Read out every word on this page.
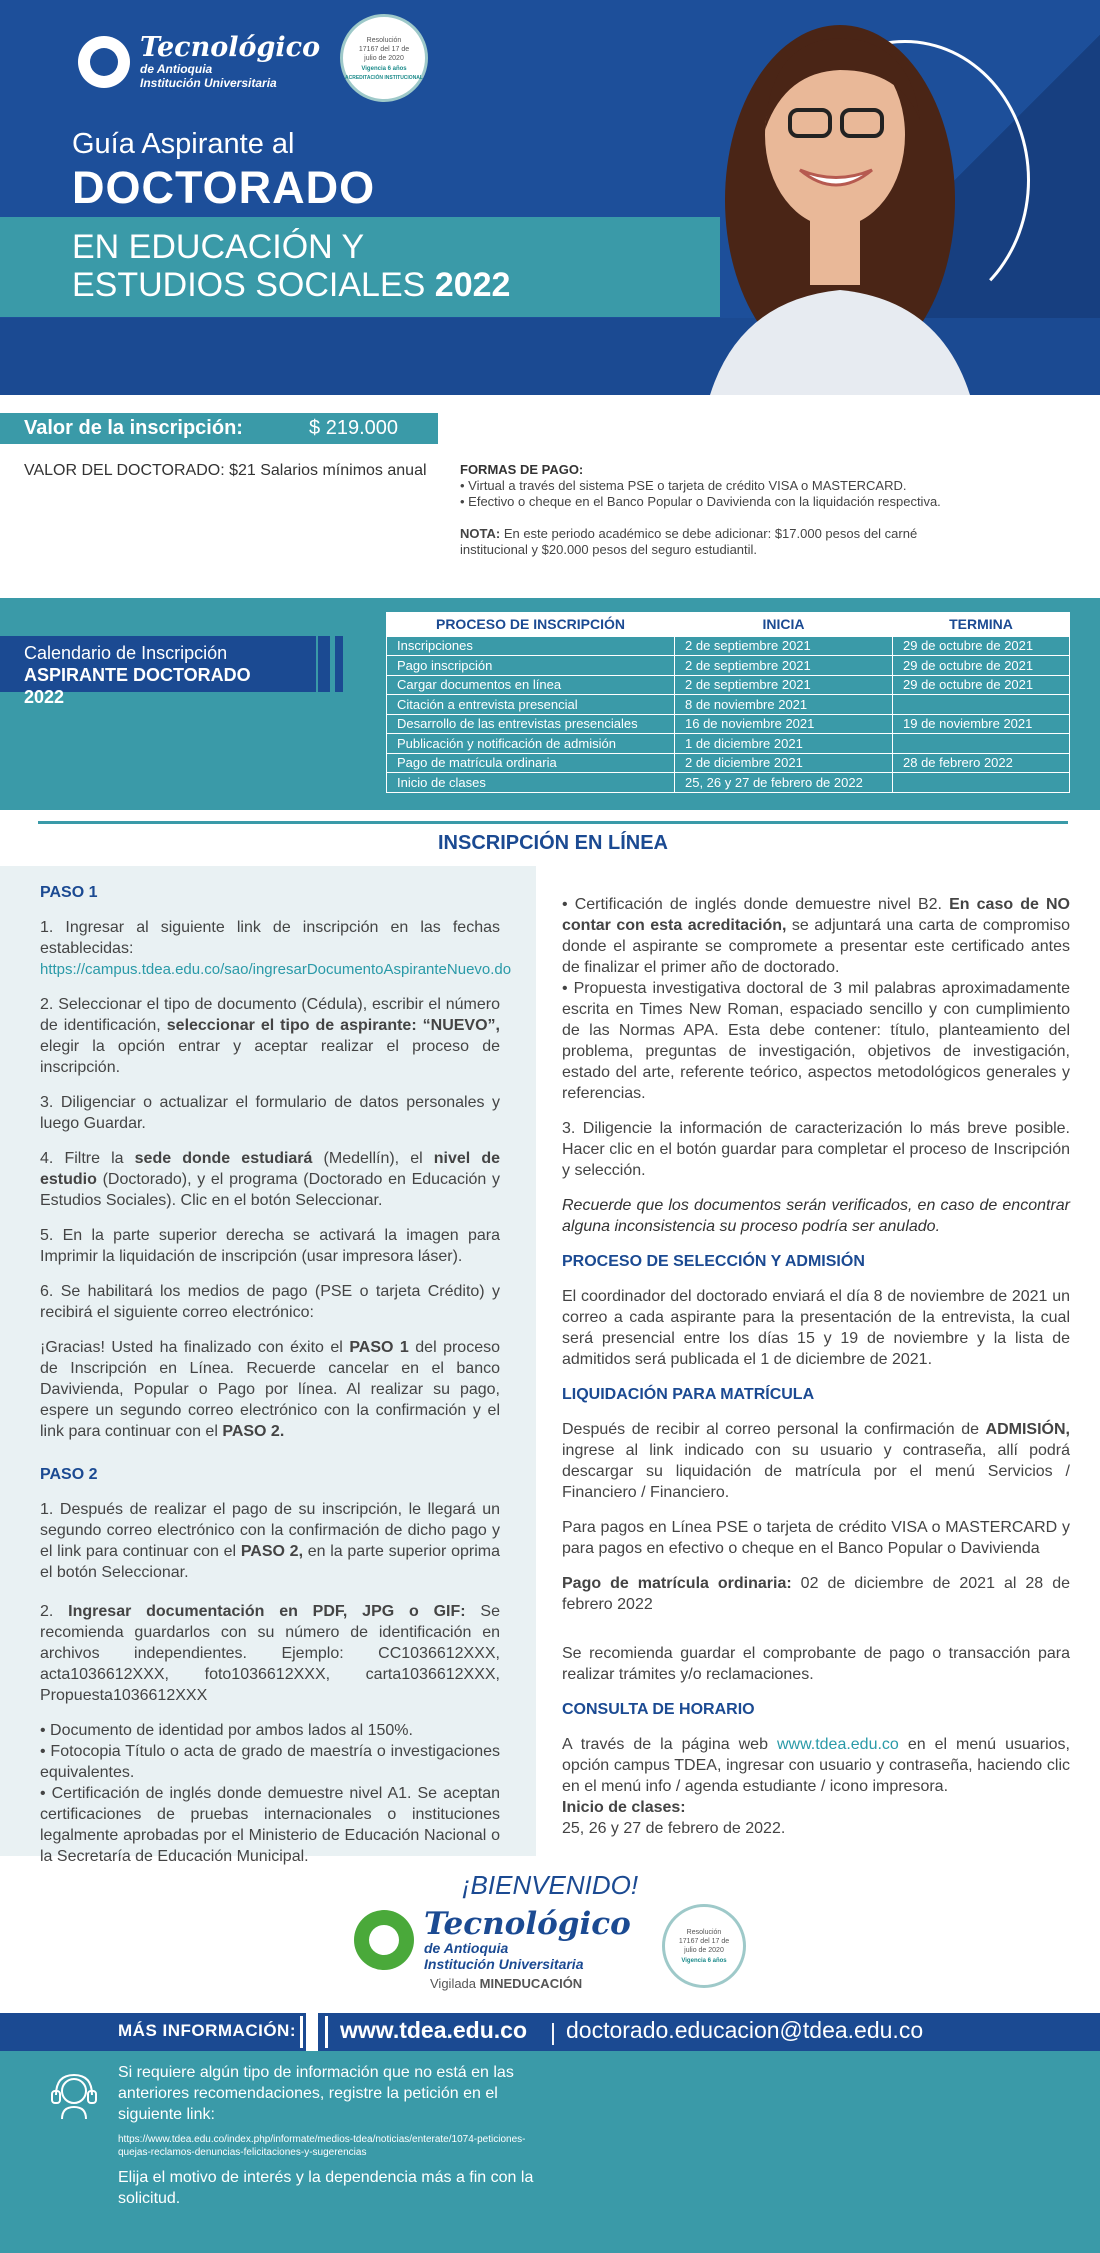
Tecnológico
de Antioquia
Institución Universitaria
Resolución 17167 del 17 de julio de 2020
Vigencia 6 años
ACREDITACIÓN INSTITUCIONAL
Guía Aspirante al
DOCTORADO
EN EDUCACIÓN Y
ESTUDIOS SOCIALES 2022
Valor de la inscripción:	$ 219.000
VALOR DEL DOCTORADO: $21 Salarios mínimos anual	FORMAS DE PAGO:
• Virtual a través del sistema PSE o tarjeta de crédito VISA o MASTERCARD.
• Efectivo o cheque en el Banco Popular o Davivienda con la liquidación respectiva.
NOTA: En este periodo académico se debe adicionar: $17.000 pesos del carné institucional y $20.000 pesos del seguro estudiantil.
Calendario de Inscripción
ASPIRANTE DOCTORADO 2022
PROCESO DE INSCRIPCIÓN	INICIA	TERMINA
Inscripciones	2 de septiembre 2021	29 de octubre de 2021
Pago inscripción	2 de septiembre 2021	29 de octubre de 2021
Cargar documentos en línea	2 de septiembre 2021	29 de octubre de 2021
Citación a entrevista presencial	8 de noviembre 2021	
Desarrollo de las entrevistas presenciales	16 de noviembre 2021	19 de noviembre 2021
Publicación y notificación de admisión	1 de diciembre 2021	
Pago de matrícula ordinaria	2 de diciembre 2021	28 de febrero 2022
Inicio de clases	25, 26 y 27 de febrero de 2022	
INSCRIPCIÓN EN LÍNEA
PASO 1

1. Ingresar al siguiente link de inscripción en las fechas establecidas:
https://campus.tdea.edu.co/sao/ingresarDocumentoAspiranteNuevo.do

2. Seleccionar el tipo de documento (Cédula), escribir el número de identificación, seleccionar el tipo de aspirante: “NUEVO”, elegir la opción entrar y aceptar realizar el proceso de inscripción.

3. Diligenciar o actualizar el formulario de datos personales y luego Guardar.

4. Filtre la sede donde estudiará (Medellín), el nivel de estudio (Doctorado), y el programa (Doctorado en Educación y Estudios Sociales). Clic en el botón Seleccionar.

5. En la parte superior derecha se activará la imagen para Imprimir la liquidación de inscripción (usar impresora láser).

6. Se habilitará los medios de pago (PSE o tarjeta Crédito) y recibirá el siguiente correo electrónico:

¡Gracias! Usted ha finalizado con éxito el PASO 1 del proceso de Inscripción en Línea. Recuerde cancelar en el banco Davivienda, Popular o Pago por línea. Al realizar su pago, espere un segundo correo electrónico con la confirmación y el link para continuar con el PASO 2.

PASO 2

1. Después de realizar el pago de su inscripción, le llegará un segundo correo electrónico con la confirmación de dicho pago y el link para continuar con el PASO 2, en la parte superior oprima el botón Seleccionar.

2. Ingresar documentación en PDF, JPG o GIF: Se recomienda guardarlos con su número de identificación en archivos independientes. Ejemplo: CC1036612XXX, acta1036612XXX, foto1036612XXX, carta1036612XXX, Propuesta1036612XXX

• Documento de identidad por ambos lados al 150%.
• Fotocopia Título o acta de grado de maestría o investigaciones equivalentes.
• Certificación de inglés donde demuestre nivel A1. Se aceptan certificaciones de pruebas internacionales o instituciones legalmente aprobadas por el Ministerio de Educación Nacional o la Secretaría de Educación Municipal.
• Certificación de inglés donde demuestre nivel B2. En caso de NO contar con esta acreditación, se adjuntará una carta de compromiso donde el aspirante se compromete a presentar este certificado antes de finalizar el primer año de doctorado.
• Propuesta investigativa doctoral de 3 mil palabras aproximadamente escrita en Times New Roman, espaciado sencillo y con cumplimiento de las Normas APA. Esta debe contener: título, planteamiento del problema, preguntas de investigación, objetivos de investigación, estado del arte, referente teórico, aspectos metodológicos generales y referencias.

3. Diligencie la información de caracterización lo más breve posible. Hacer clic en el botón guardar para completar el proceso de Inscripción y selección.

Recuerde que los documentos serán verificados, en caso de encontrar alguna inconsistencia su proceso podría ser anulado.

PROCESO DE SELECCIÓN Y ADMISIÓN

El coordinador del doctorado enviará el día 8 de noviembre de 2021 un correo a cada aspirante para la presentación de la entrevista, la cual será presencial entre los días 15 y 19 de noviembre y la lista de admitidos será publicada el 1 de diciembre de 2021.

LIQUIDACIÓN PARA MATRÍCULA

Después de recibir al correo personal la confirmación de ADMISIÓN, ingrese al link indicado con su usuario y contraseña, allí podrá descargar su liquidación de matrícula por el menú Servicios / Financiero / Financiero.

Para pagos en Línea PSE o tarjeta de crédito VISA o MASTERCARD y para pagos en efectivo o cheque en el Banco Popular o Davivienda

Pago de matrícula ordinaria: 02 de diciembre de 2021 al 28 de febrero 2022

Se recomienda guardar el comprobante de pago o transacción para realizar trámites y/o reclamaciones.

CONSULTA DE HORARIO

A través de la página web www.tdea.edu.co en el menú usuarios, opción campus TDEA, ingresar con usuario y contraseña, haciendo clic en el menú info / agenda estudiante / icono impresora.

Inicio de clases:
25, 26 y 27 de febrero de 2022.
¡BIENVENIDO!
Tecnológico
de Antioquia
Institución Universitaria
Vigilada MINEDUCACIÓN
Resolución 17167 del 17 de julio de 2020
Vigencia 6 años
MÁS INFORMACIÓN: www.tdea.edu.co | doctorado.educacion@tdea.edu.co
Si requiere algún tipo de información que no está en las anteriores recomendaciones, registre la petición en el siguiente link:
https://www.tdea.edu.co/index.php/informate/medios-tdea/noticias/enterate/1074-peticiones-quejas-reclamos-denuncias-felicitaciones-y-sugerencias
Elija el motivo de interés y la dependencia más a fin con la solicitud.
